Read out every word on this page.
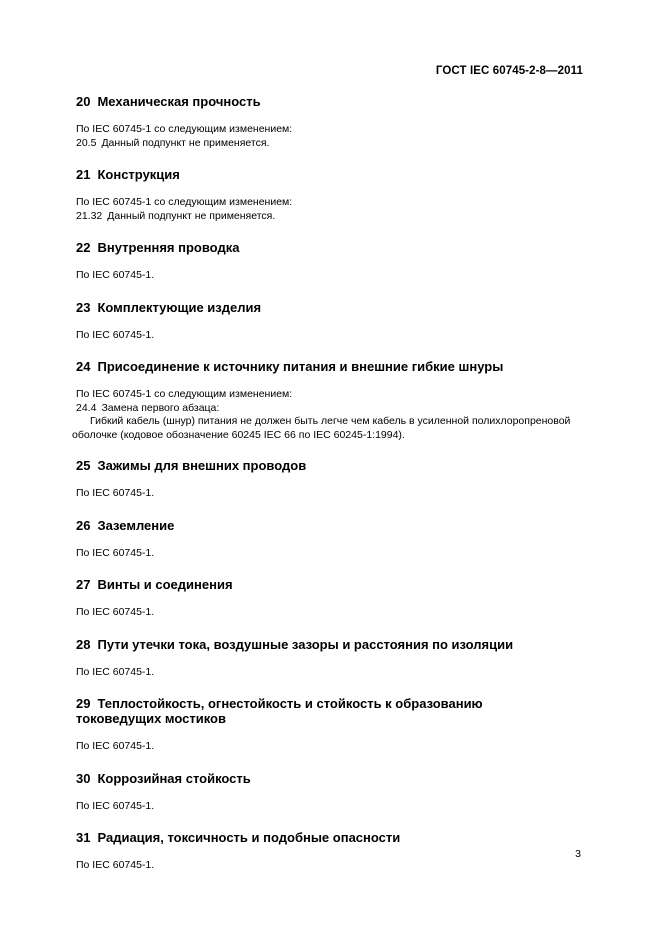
ГОСТ IEC 60745-2-8—2011
20 Механическая прочность

По IEC 60745-1 со следующим изменением:

20.5 Данный подпункт не применяется.

21 Конструкция

По IEC 60745-1 со следующим изменением:

21.32 Данный подпункт не применяется.

22 Внутренняя проводка

По IEC 60745-1.

23 Комплектующие изделия

По IEC 60745-1.

24 Присоединение к источнику питания и внешние гибкие шнуры

По IEC 60745-1 со следующим изменением:

24.4 Замена первого абзаца:

Гибкий кабель (шнур) питания не должен быть легче чем кабель в усиленной полихлоропреновой

оболочке (кодовое обозначение 60245 IEC 66 по IEC 60245-1:1994).

25 Зажимы для внешних проводов

По IEC 60745-1.

26 Заземление

По IEC 60745-1.

27 Винты и соединения

По IEC 60745-1.

28 Пути утечки тока, воздушные зазоры и расстояния по изоляции

По IEC 60745-1.

29 Теплостойкость, огнестойкость и стойкость к образованию
токоведущих мостиков

По IEC 60745-1.

30 Коррозийная стойкость

По IEC 60745-1.

31 Радиация, токсичность и подобные опасности

По IEC 60745-1.

3
